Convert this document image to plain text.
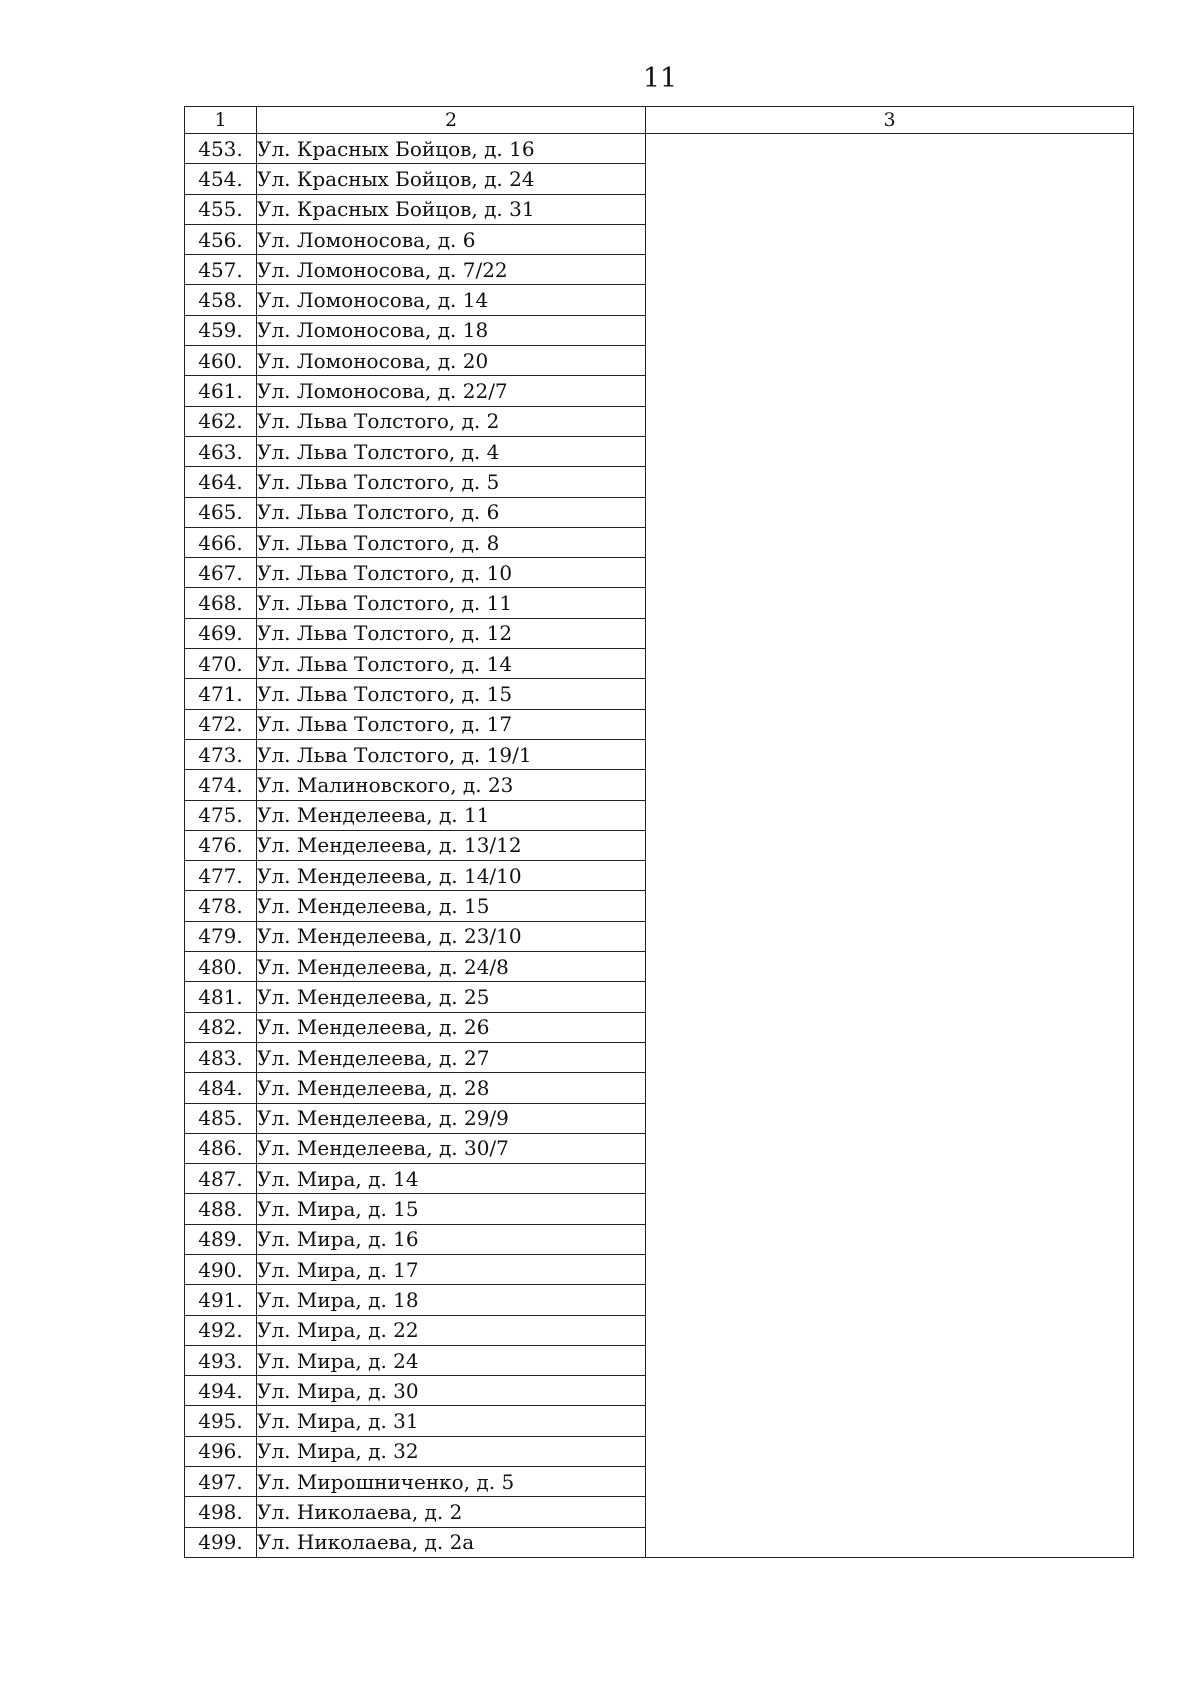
11
1	2	3
453.	Ул. Красных Бойцов, д. 16	
454.	Ул. Красных Бойцов, д. 24	
455.	Ул. Красных Бойцов, д. 31	
456.	Ул. Ломоносова, д. 6	
457.	Ул. Ломоносова, д. 7/22	
458.	Ул. Ломоносова, д. 14	
459.	Ул. Ломоносова, д. 18	
460.	Ул. Ломоносова, д. 20	
461.	Ул. Ломоносова, д. 22/7	
462.	Ул. Льва Толстого, д. 2	
463.	Ул. Льва Толстого, д. 4	
464.	Ул. Льва Толстого, д. 5	
465.	Ул. Льва Толстого, д. 6	
466.	Ул. Льва Толстого, д. 8	
467.	Ул. Льва Толстого, д. 10	
468.	Ул. Льва Толстого, д. 11	
469.	Ул. Льва Толстого, д. 12	
470.	Ул. Льва Толстого, д. 14	
471.	Ул. Льва Толстого, д. 15	
472.	Ул. Льва Толстого, д. 17	
473.	Ул. Льва Толстого, д. 19/1	
474.	Ул. Малиновского, д. 23	
475.	Ул. Менделеева, д. 11	
476.	Ул. Менделеева, д. 13/12	
477.	Ул. Менделеева, д. 14/10	
478.	Ул. Менделеева, д. 15	
479.	Ул. Менделеева, д. 23/10	
480.	Ул. Менделеева, д. 24/8	
481.	Ул. Менделеева, д. 25	
482.	Ул. Менделеева, д. 26	
483.	Ул. Менделеева, д. 27	
484.	Ул. Менделеева, д. 28	
485.	Ул. Менделеева, д. 29/9	
486.	Ул. Менделеева, д. 30/7	
487.	Ул. Мира, д. 14	
488.	Ул. Мира, д. 15	
489.	Ул. Мира, д. 16	
490.	Ул. Мира, д. 17	
491.	Ул. Мира, д. 18	
492.	Ул. Мира, д. 22	
493.	Ул. Мира, д. 24	
494.	Ул. Мира, д. 30	
495.	Ул. Мира, д. 31	
496.	Ул. Мира, д. 32	
497.	Ул. Мирошниченко, д. 5	
498.	Ул. Николаева, д. 2	
499.	Ул. Николаева, д. 2а	
